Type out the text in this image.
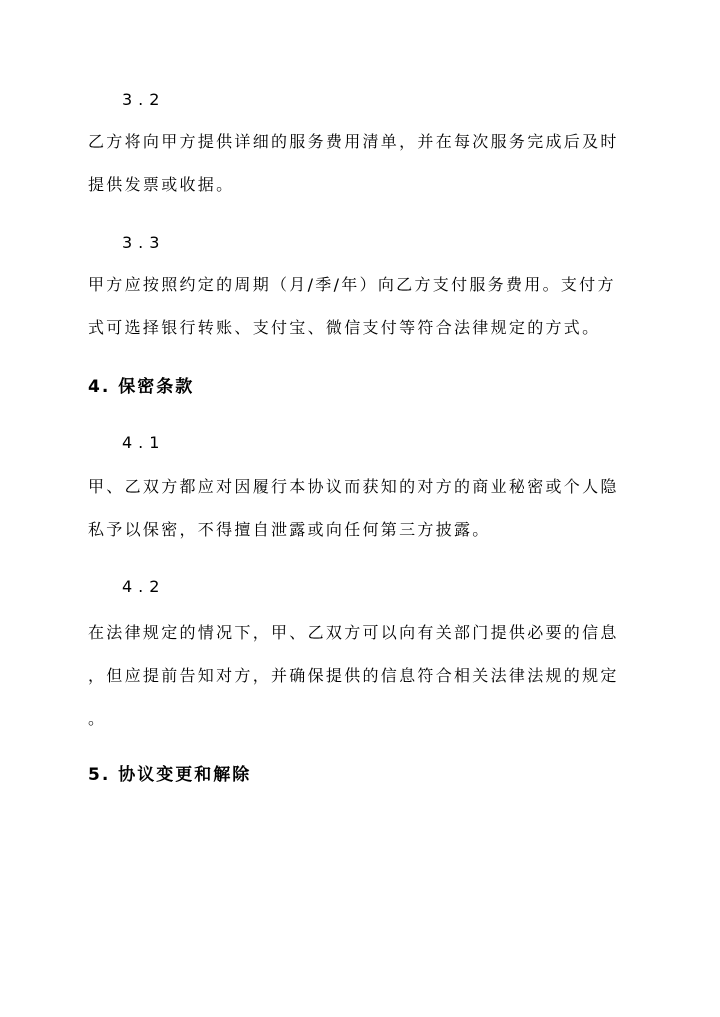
3.2
乙方将向甲方提供详细的服务费用清单，并在每次服务完成后及时
提供发票或收据。
3.3
甲方应按照约定的周期（月/季/年）向乙方支付服务费用。支付方
式可选择银行转账、支付宝、微信支付等符合法律规定的方式。
4. 保密条款
4.1
甲、乙双方都应对因履行本协议而获知的对方的商业秘密或个人隐
私予以保密，不得擅自泄露或向任何第三方披露。
4.2
在法律规定的情况下，甲、乙双方可以向有关部门提供必要的信息
，但应提前告知对方，并确保提供的信息符合相关法律法规的规定
。
5. 协议变更和解除
